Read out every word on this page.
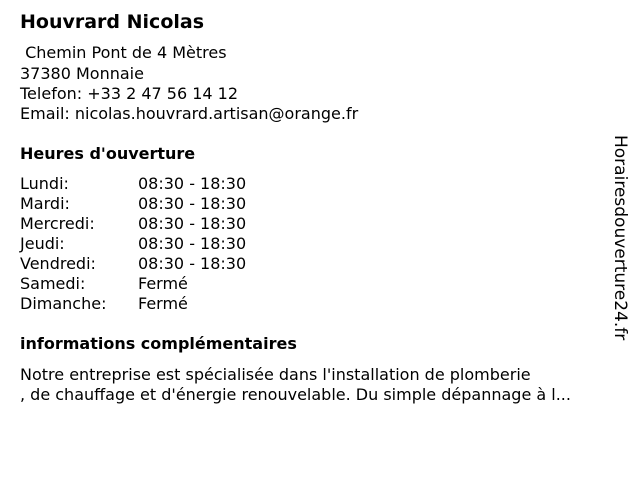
Houvrard Nicolas
Chemin Pont de 4 Mètres
37380 Monnaie
Telefon: +33 2 47 56 14 12
Email: nicolas.houvrard.artisan@orange.fr
Heures d'ouverture
Lundi:	08:30 - 18:30
Mardi:	08:30 - 18:30
Mercredi:	08:30 - 18:30
Jeudi:	08:30 - 18:30
Vendredi:	08:30 - 18:30
Samedi:	Fermé
Dimanche: Fermé
informations complémentaires
Notre entreprise est spécialisée dans l'installation de plomberie
, de chauffage et d'énergie renouvelable. Du simple dépannage à l...
Horairesdouverture24.fr
